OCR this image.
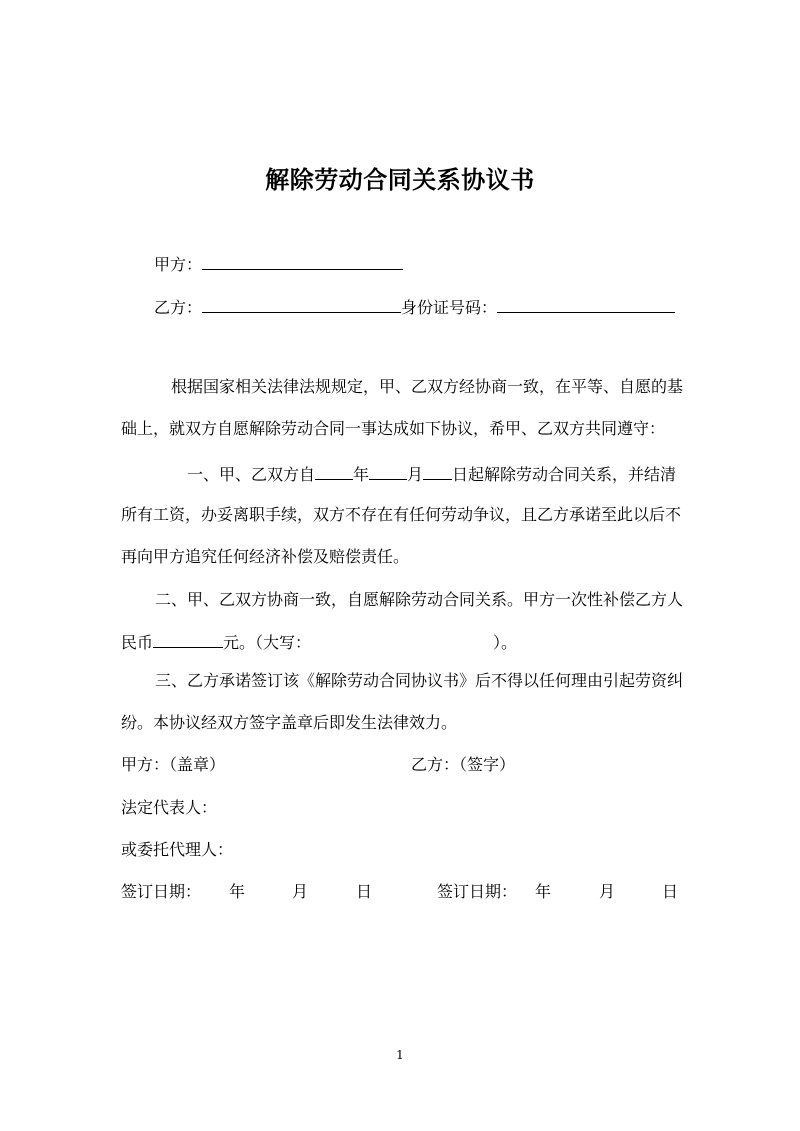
解除劳动合同关系协议书
甲方：
乙方：	身份证号码：
根据国家相关法律法规规定，甲、乙双方经协商一致，在平等、自愿的基
础上，就双方自愿解除劳动合同一事达成如下协议，希甲、乙双方共同遵守：
一、甲、乙双方自 年 月 日起解除劳动合同关系，并结清
所有工资，办妥离职手续，双方不存在有任何劳动争议，且乙方承诺至此以后不
再向甲方追究任何经济补偿及赔偿责任。
二、甲、乙双方协商一致，自愿解除劳动合同关系。甲方一次性补偿乙方人
民币	元。（大写：	）。
三、乙方承诺签订该《解除劳动合同协议书》后不得以任何理由引起劳资纠
纷。本协议经双方签字盖章后即发生法律效力。
甲方：（盖章）	乙方：（签字）
法定代表人：
或委托代理人：
签订日期： 年	月	日	签订日期： 年	月	日
1
